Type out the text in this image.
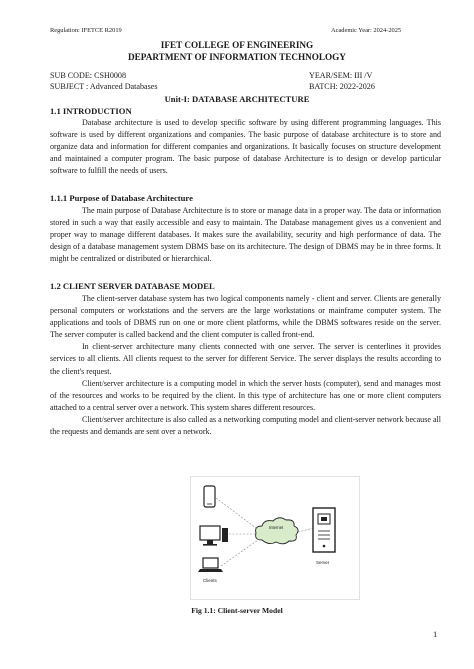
Regulation: IFETCE R2019	Academic Year: 2024-2025
IFET COLLEGE OF ENGINEERING
DEPARTMENT OF INFORMATION TECHNOLOGY
SUB CODE: CSH0008	YEAR/SEM: III /V
SUBJECT : Advanced Databases	BATCH: 2022-2026
Unit-I: DATABASE ARCHITECTURE
1.1 INTRODUCTION

Database architecture is used to develop specific software by using different programming languages. This software is used by different organizations and companies. The basic purpose of database architecture is to store and organize data and information for different companies and organizations. It basically focuses on structure development and maintained a computer program. The basic purpose of database Architecture is to design or develop particular software to fulfill the needs of users.

1.1.1 Purpose of Database Architecture

The main purpose of Database Architecture is to store or manage data in a proper way. The data or information stored in such a way that easily accessible and easy to maintain. The Database management gives us a convenient and proper way to manage different databases. It makes sure the availability, security and high performance of data. The design of a database management system DBMS base on its architecture. The design of DBMS may be in three forms. It might be centralized or distributed or hierarchical.

1.2 CLIENT SERVER DATABASE MODEL

The client-server database system has two logical components namely - client and server. Clients are generally personal computers or workstations and the servers are the large workstations or mainframe computer system. The applications and tools of DBMS run on one or more client platforms, while the DBMS softwares reside on the server. The server computer is called backend and the client computer is called front-end.

In client-server architecture many clients connected with one server. The server is centerlines it provides services to all clients. All clients request to the server for different Service. The server displays the results according to the client's request.

Client/server architecture is a computing model in which the server hosts (computer), send and manages most of the resources and works to be required by the client. In this type of architecture has one or more client computers attached to a central server over a network. This system shares different resources.

Client/server architecture is also called as a networking computing model and client-server network because all the requests and demands are sent over a network.

Clients
Internet
Server
Fig 1.1: Client-server Model
1
